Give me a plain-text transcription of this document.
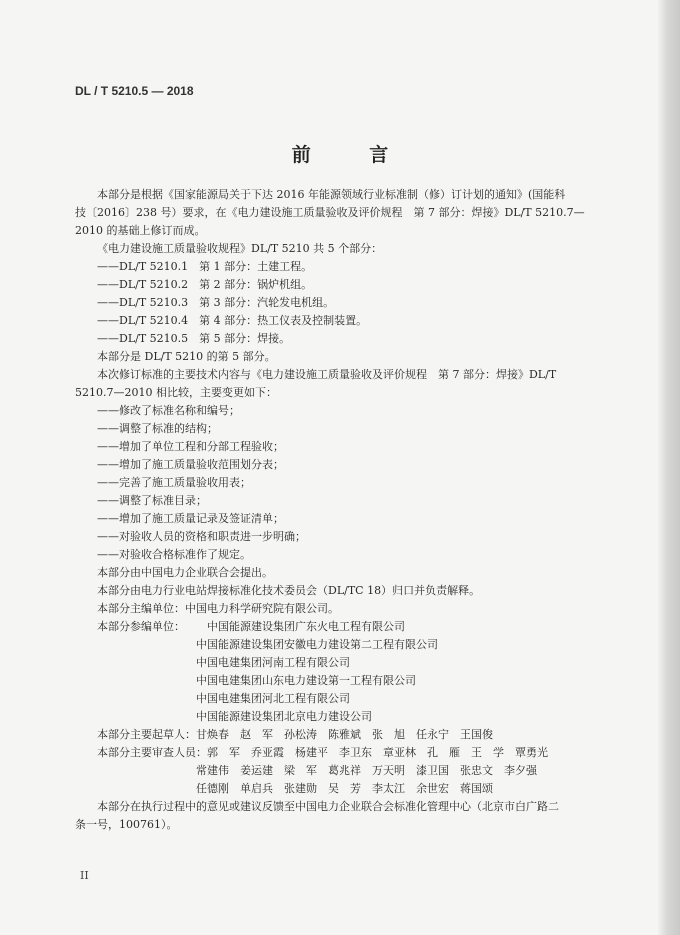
DL / T 5210.5 — 2018
前 言

本部分是根据《国家能源局关于下达 2016 年能源领域行业标准制（修）订计划的通知》(国能科

技〔2016〕238 号）要求，在《电力建设施工质量验收及评价规程　第 7 部分：焊接》DL/T 5210.7—

2010 的基础上修订而成。

《电力建设施工质量验收规程》DL/T 5210 共 5 个部分：

——DL/T 5210.1　第 1 部分：土建工程。

——DL/T 5210.2　第 2 部分：锅炉机组。

——DL/T 5210.3　第 3 部分：汽轮发电机组。

——DL/T 5210.4　第 4 部分：热工仪表及控制装置。

——DL/T 5210.5　第 5 部分：焊接。

本部分是 DL/T 5210 的第 5 部分。

本次修订标准的主要技术内容与《电力建设施工质量验收及评价规程　第 7 部分：焊接》DL/T

5210.7—2010 相比较，主要变更如下：

——修改了标准名称和编号；

——调整了标准的结构；

——增加了单位工程和分部工程验收；

——增加了施工质量验收范围划分表；

——完善了施工质量验收用表；

——调整了标准目录；

——增加了施工质量记录及签证清单；

——对验收人员的资格和职责进一步明确；

——对验收合格标准作了规定。

本部分由中国电力企业联合会提出。

本部分由电力行业电站焊接标准化技术委员会（DL/TC 18）归口并负责解释。

本部分主编单位：中国电力科学研究院有限公司。

本部分参编单位：	中国能源建设集团广东火电工程有限公司

中国能源建设集团安徽电力建设第二工程有限公司

中国电建集团河南工程有限公司

中国电建集团山东电力建设第一工程有限公司

中国电建集团河北工程有限公司

中国能源建设集团北京电力建设公司

本部分主要起草人： 甘焕春 赵　军 孙松涛 陈雅斌 张　旭 任永宁 王国俊
本部分主要审查人员： 郭　军 乔亚霞 杨建平 李卫东 章亚林 孔　雁 王　学 覃勇光
常建伟 姜运建 梁　军 葛兆祥 万天明 漆卫国 张忠文 李夕强
任德刚 单启兵 张建勋 吴　芳 李太江 余世宏 蒋国颂

本部分在执行过程中的意见或建议反馈至中国电力企业联合会标准化管理中心（北京市白广路二

条一号，100761）。

II
